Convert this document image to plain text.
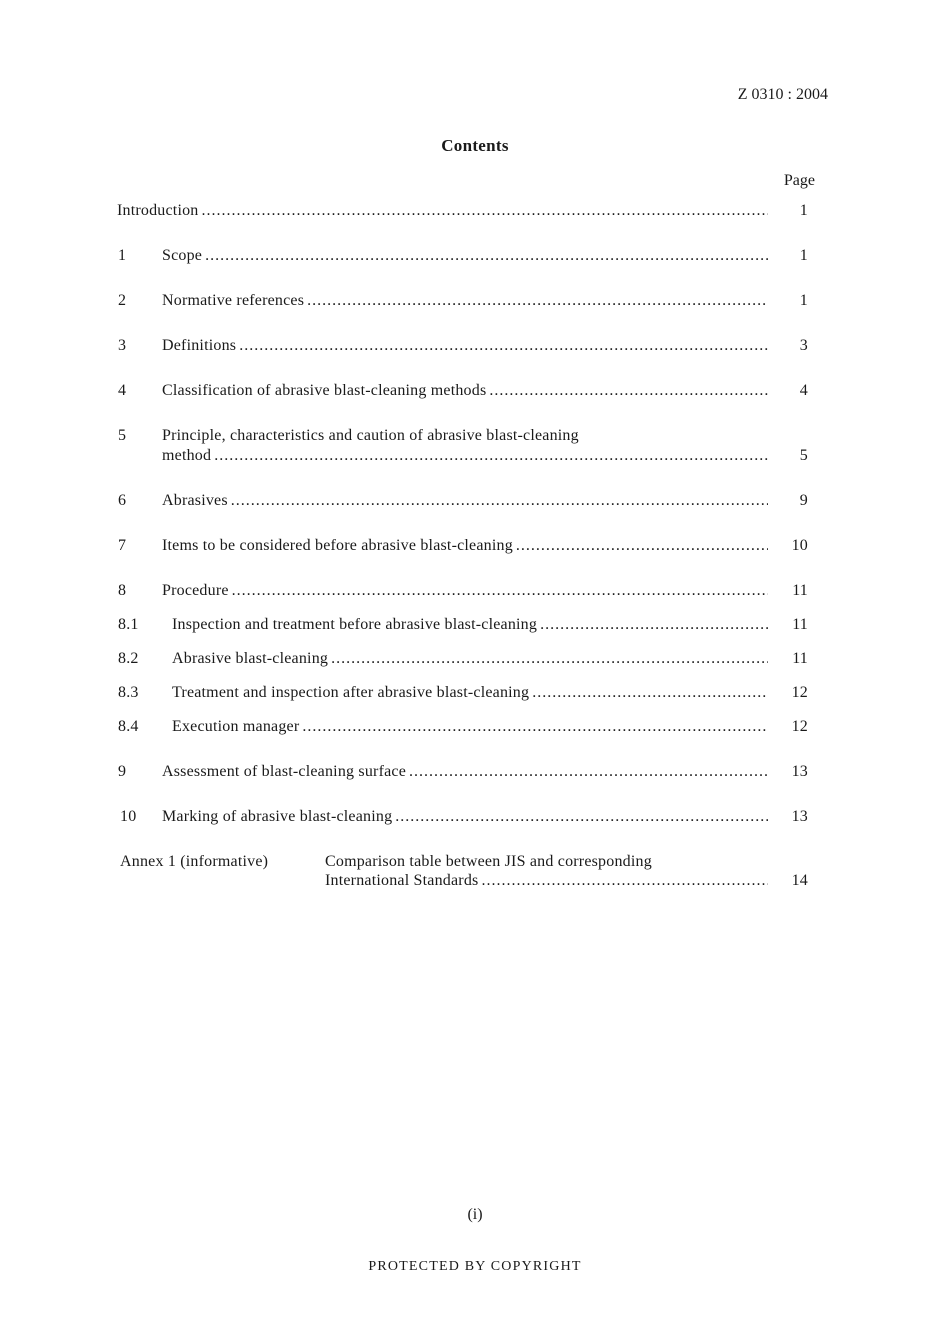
Z 0310 : 2004
Contents
Page
Introduction .....	1
1 Scope .....	1
2 Normative references .....	1
3 Definitions .....	3
4 Classification of abrasive blast-cleaning methods .....	4
5 Principle, characteristics and caution of abrasive blast-cleaning
method .....	5
6 Abrasives .....	9
7 Items to be considered before abrasive blast-cleaning .....	10
8 Procedure .....	11
8.1 Inspection and treatment before abrasive blast-cleaning .....	11
8.2 Abrasive blast-cleaning .....	11
8.3 Treatment and inspection after abrasive blast-cleaning .....	12
8.4 Execution manager .....	12
9 Assessment of blast-cleaning surface .....	13
10 Marking of abrasive blast-cleaning .....	13
Annex 1 (informative)	Comparison table between JIS and corresponding
International Standards .....	14
(i)
PROTECTED BY COPYRIGHT
